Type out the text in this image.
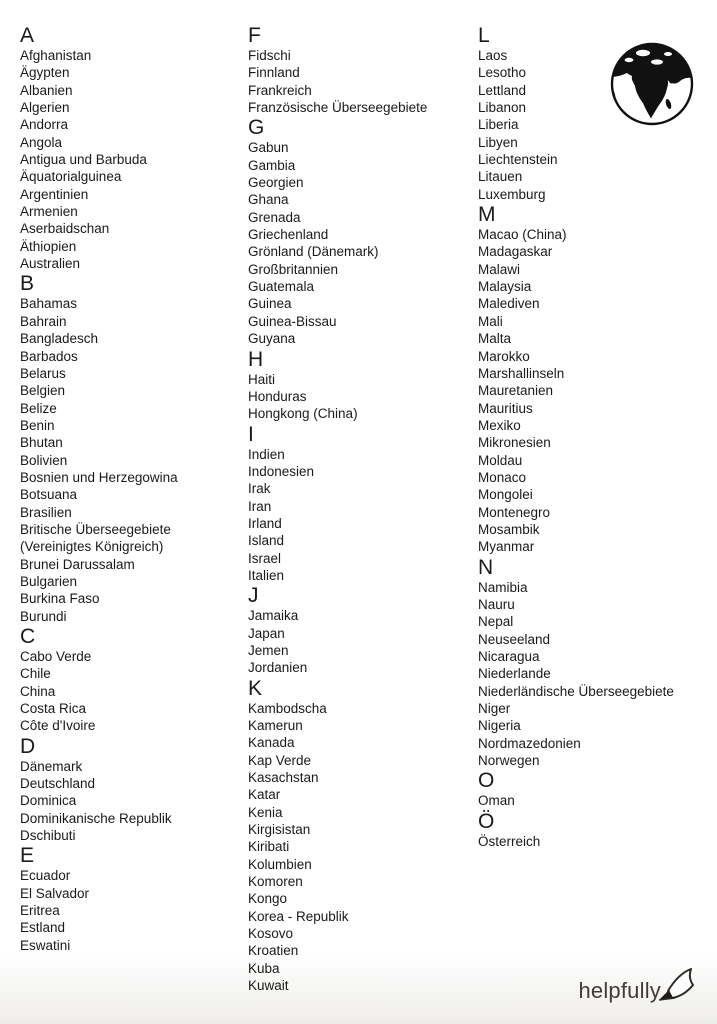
A
Afghanistan
Ägypten
Albanien
Algerien
Andorra
Angola
Antigua und Barbuda
Äquatorialguinea
Argentinien
Armenien
Aserbaidschan
Äthiopien
Australien
B
Bahamas
Bahrain
Bangladesch
Barbados
Belarus
Belgien
Belize
Benin
Bhutan
Bolivien
Bosnien und Herzegowina
Botsuana
Brasilien
Britische Überseegebiete (Vereinigtes Königreich)
Brunei Darussalam
Bulgarien
Burkina Faso
Burundi
C
Cabo Verde
Chile
China
Costa Rica
Côte d'Ivoire
D
Dänemark
Deutschland
Dominica
Dominikanische Republik
Dschibuti
E
Ecuador
El Salvador
Eritrea
Estland
Eswatini
F
Fidschi
Finnland
Frankreich
Französische Überseegebiete
G
Gabun
Gambia
Georgien
Ghana
Grenada
Griechenland
Grönland (Dänemark)
Großbritannien
Guatemala
Guinea
Guinea-Bissau
Guyana
H
Haiti
Honduras
Hongkong (China)
I
Indien
Indonesien
Irak
Iran
Irland
Island
Israel
Italien
J
Jamaika
Japan
Jemen
Jordanien
K
Kambodscha
Kamerun
Kanada
Kap Verde
Kasachstan
Katar
Kenia
Kirgisistan
Kiribati
Kolumbien
Komoren
Kongo
Korea - Republik
Kosovo
Kroatien
Kuba
Kuwait
L
Laos
Lesotho
Lettland
Libanon
Liberia
Libyen
Liechtenstein
Litauen
Luxemburg
M
Macao (China)
Madagaskar
Malawi
Malaysia
Malediven
Mali
Malta
Marokko
Marshallinseln
Mauretanien
Mauritius
Mexiko
Mikronesien
Moldau
Monaco
Mongolei
Montenegro
Mosambik
Myanmar
N
Namibia
Nauru
Nepal
Neuseeland
Nicaragua
Niederlande
Niederländische Überseegebiete
Niger
Nigeria
Nordmazedonien
Norwegen
O
Oman
Ö
Österreich
helpfully
